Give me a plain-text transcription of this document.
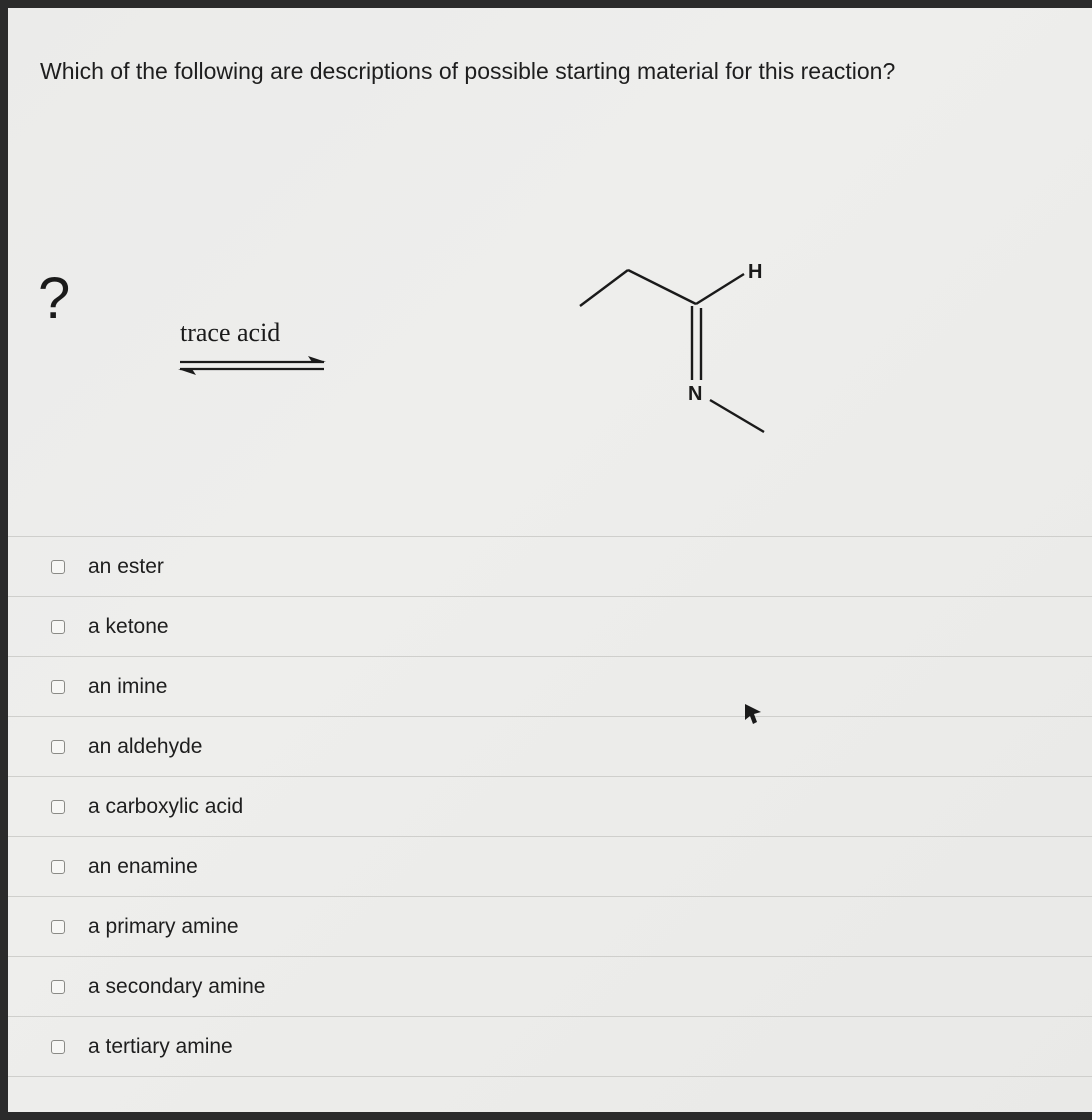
Which of the following are descriptions of possible starting material for this reaction?
?
trace acid
H
N
an ester
a ketone
an imine
an aldehyde
a carboxylic acid
an enamine
a primary amine
a secondary amine
a tertiary amine
